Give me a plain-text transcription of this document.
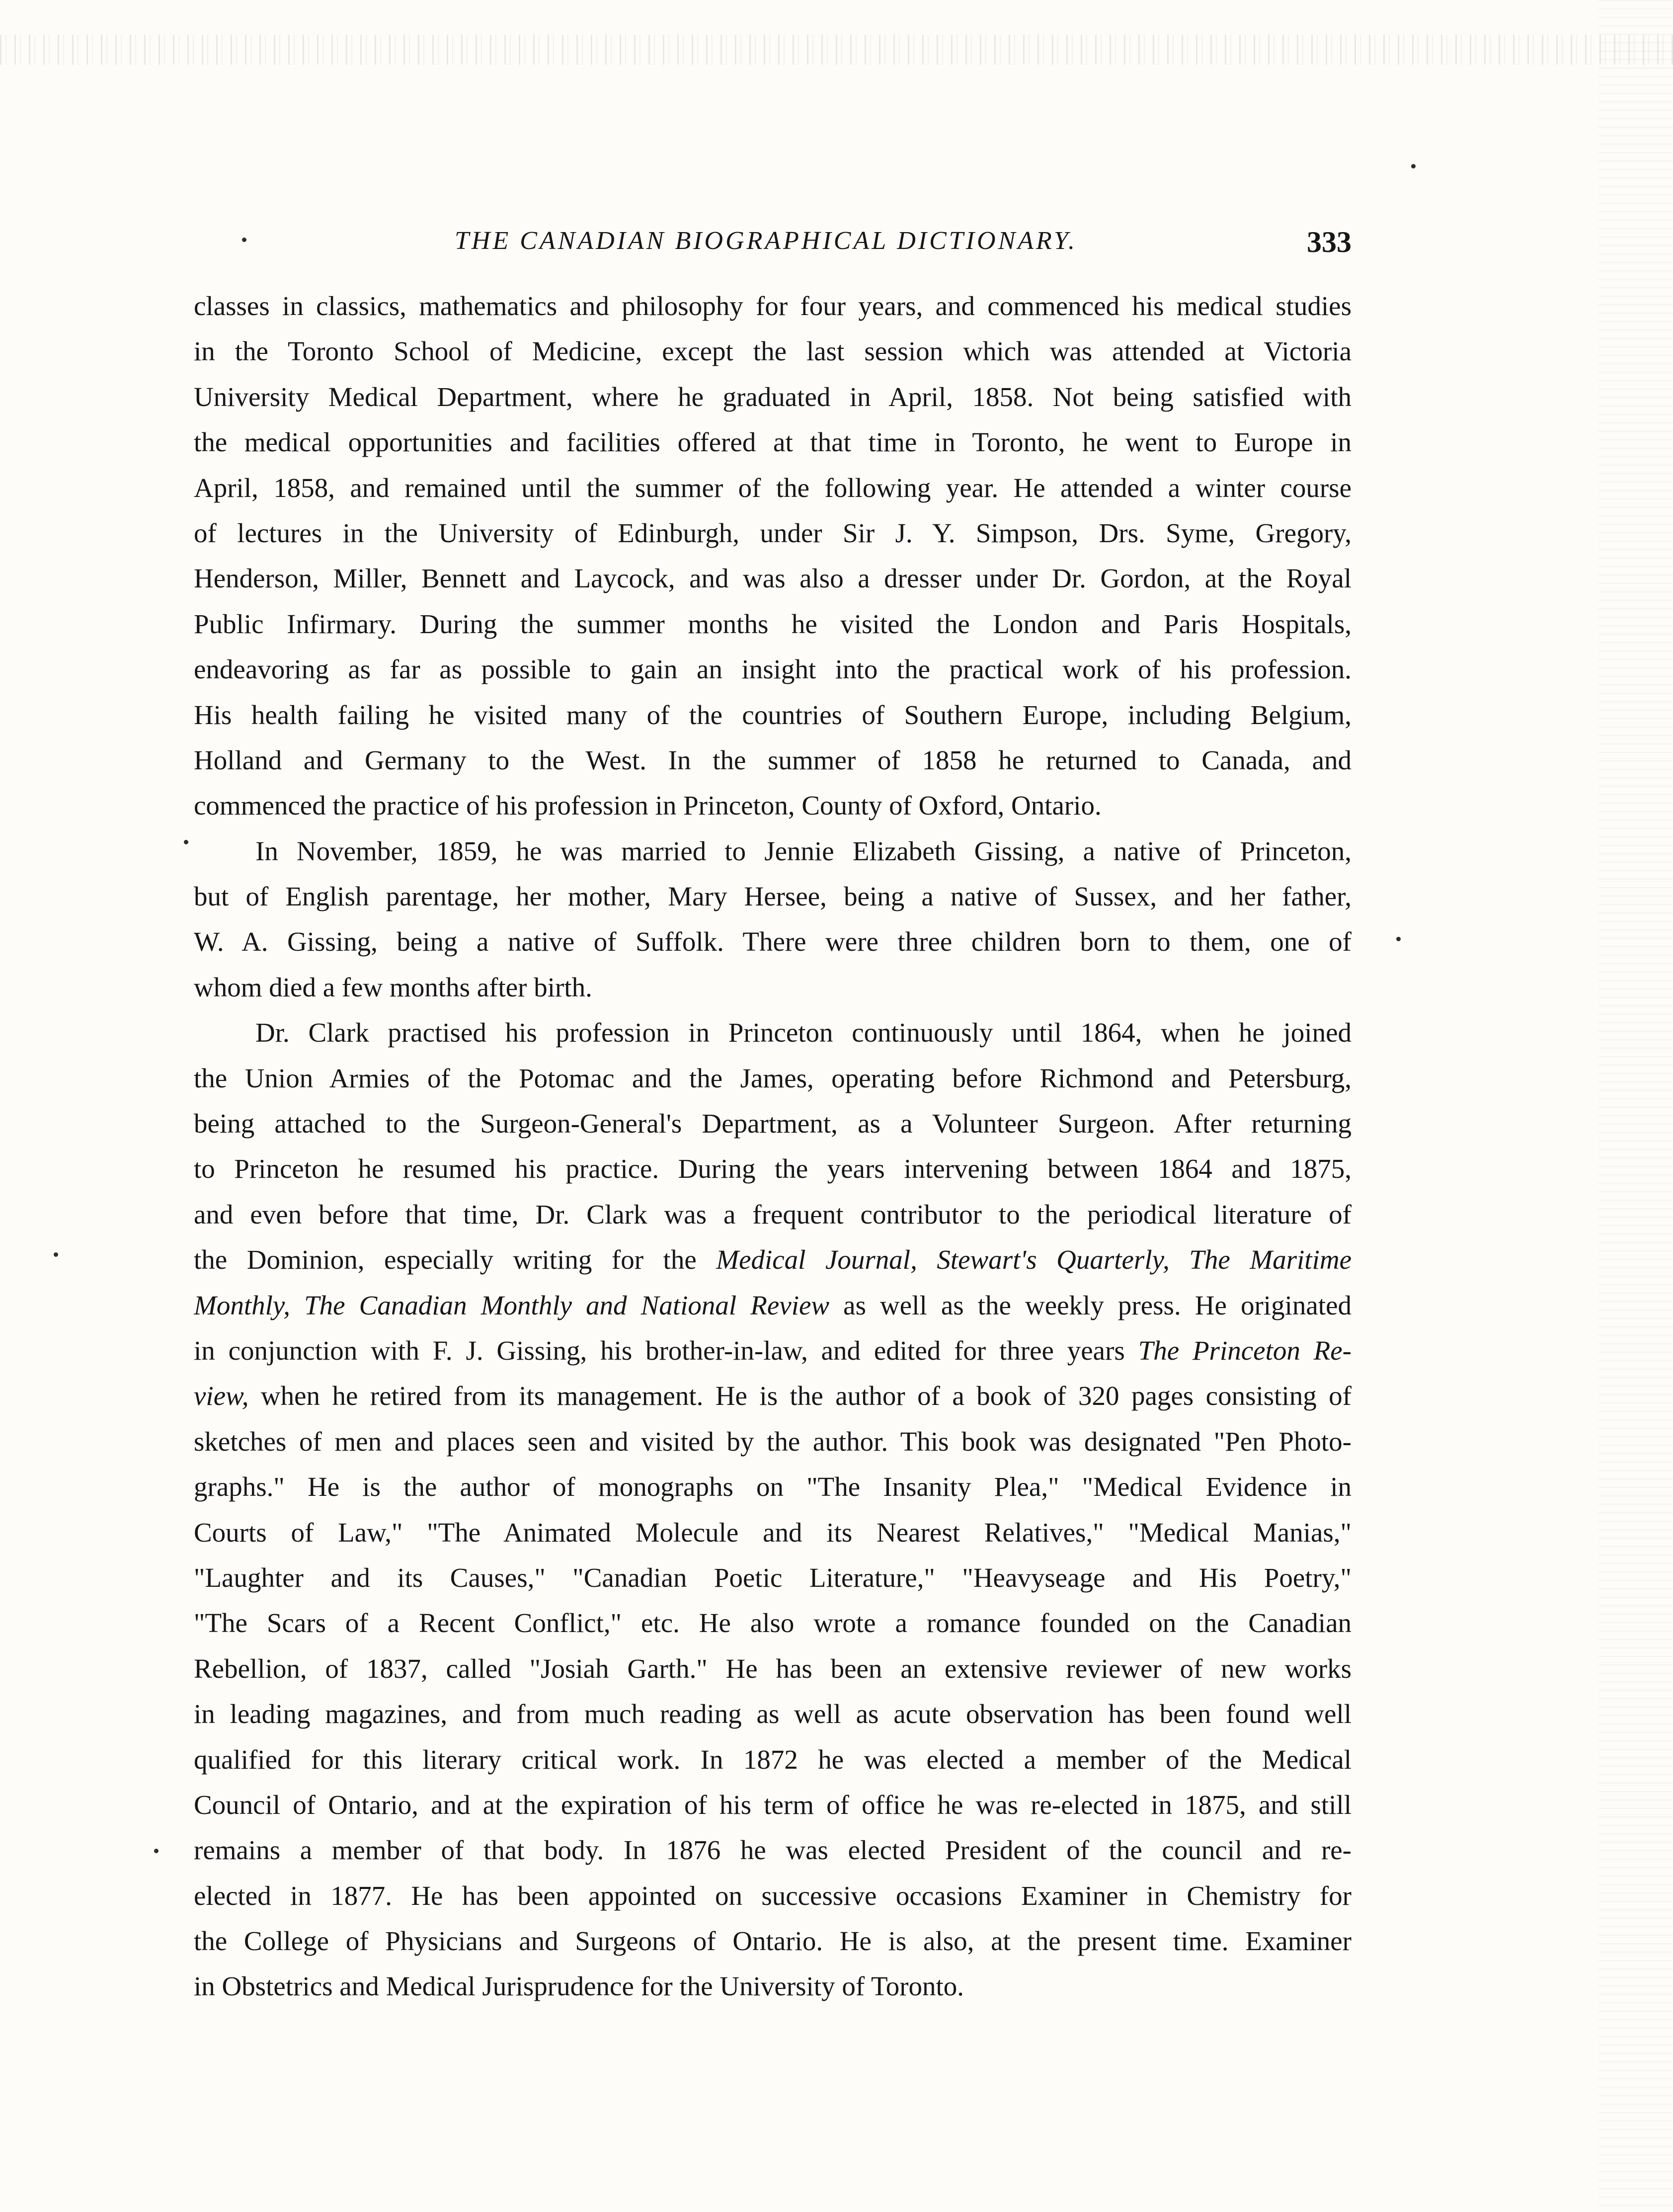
THE CANADIAN BIOGRAPHICAL DICTIONARY.	333

classes in classics, mathematics and philosophy for four years, and commenced his medical studies
in the Toronto School of Medicine, except the last session which was attended at Victoria
University Medical Department, where he graduated in April, 1858. Not being satisfied with
the medical opportunities and facilities offered at that time in Toronto, he went to Europe in
April, 1858, and remained until the summer of the following year. He attended a winter course
of lectures in the University of Edinburgh, under Sir J. Y. Simpson, Drs. Syme, Gregory,
Henderson, Miller, Bennett and Laycock, and was also a dresser under Dr. Gordon, at the Royal
Public Infirmary. During the summer months he visited the London and Paris Hospitals,
endeavoring as far as possible to gain an insight into the practical work of his profession.
His health failing he visited many of the countries of Southern Europe, including Belgium,
Holland and Germany to the West. In the summer of 1858 he returned to Canada, and
commenced the practice of his profession in Princeton, County of Oxford, Ontario.

In November, 1859, he was married to Jennie Elizabeth Gissing, a native of Princeton,
but of English parentage, her mother, Mary Hersee, being a native of Sussex, and her father,
W. A. Gissing, being a native of Suffolk. There were three children born to them, one of
whom died a few months after birth.

Dr. Clark practised his profession in Princeton continuously until 1864, when he joined
the Union Armies of the Potomac and the James, operating before Richmond and Petersburg,
being attached to the Surgeon-General's Department, as a Volunteer Surgeon. After returning
to Princeton he resumed his practice. During the years intervening between 1864 and 1875,
and even before that time, Dr. Clark was a frequent contributor to the periodical literature of
the Dominion, especially writing for the Medical Journal, Stewart's Quarterly, The Maritime
Monthly, The Canadian Monthly and National Review as well as the weekly press. He originated
in conjunction with F. J. Gissing, his brother-in-law, and edited for three years The Princeton Re-
view, when he retired from its management. He is the author of a book of 320 pages consisting of
sketches of men and places seen and visited by the author. This book was designated "Pen Photo-
graphs." He is the author of monographs on "The Insanity Plea," "Medical Evidence in
Courts of Law," "The Animated Molecule and its Nearest Relatives," "Medical Manias,"
"Laughter and its Causes," "Canadian Poetic Literature," "Heavyseage and His Poetry,"
"The Scars of a Recent Conflict," etc. He also wrote a romance founded on the Canadian
Rebellion, of 1837, called "Josiah Garth." He has been an extensive reviewer of new works
in leading magazines, and from much reading as well as acute observation has been found well
qualified for this literary critical work. In 1872 he was elected a member of the Medical
Council of Ontario, and at the expiration of his term of office he was re-elected in 1875, and still
remains a member of that body. In 1876 he was elected President of the council and re-
elected in 1877. He has been appointed on successive occasions Examiner in Chemistry for
the College of Physicians and Surgeons of Ontario. He is also, at the present time. Examiner
in Obstetrics and Medical Jurisprudence for the University of Toronto.
